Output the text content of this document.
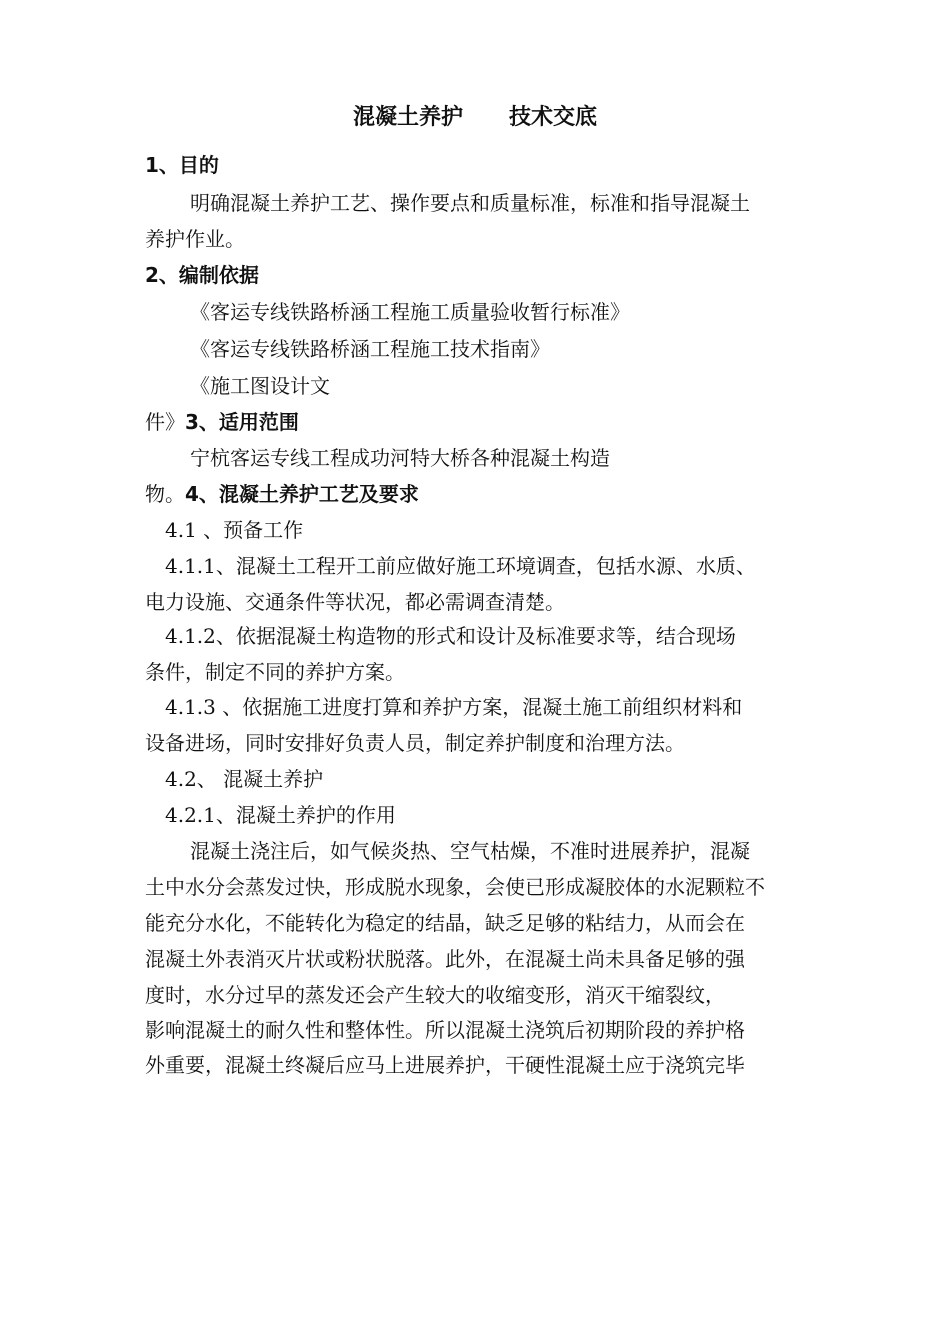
混凝土养护      技术交底
1、目的
明确混凝土养护工艺、操作要点和质量标准，标准和指导混凝土
养护作业。
2、编制依据
《客运专线铁路桥涵工程施工质量验收暂行标准》
《客运专线铁路桥涵工程施工技术指南》
《施工图设计文
件》3、适用范围
宁杭客运专线工程成功河特大桥各种混凝土构造
物。4、混凝土养护工艺及要求
4.1 、预备工作
4.1.1、混凝土工程开工前应做好施工环境调查，包括水源、水质、
电力设施、交通条件等状况，都必需调查清楚。
4.1.2、依据混凝土构造物的形式和设计及标准要求等，结合现场
条件，制定不同的养护方案。
4.1.3 、依据施工进度打算和养护方案，混凝土施工前组织材料和
设备进场，同时安排好负责人员，制定养护制度和治理方法。
4.2、 混凝土养护
4.2.1、混凝土养护的作用
混凝土浇注后，如气候炎热、空气枯燥，不准时进展养护，混凝
土中水分会蒸发过快，形成脱水现象，会使已形成凝胶体的水泥颗粒不
能充分水化，不能转化为稳定的结晶，缺乏足够的粘结力，从而会在
混凝土外表消灭片状或粉状脱落。此外，在混凝土尚未具备足够的强
度时，水分过早的蒸发还会产生较大的收缩变形，消灭干缩裂纹，
影响混凝土的耐久性和整体性。所以混凝土浇筑后初期阶段的养护格
外重要，混凝土终凝后应马上进展养护，干硬性混凝土应于浇筑完毕
